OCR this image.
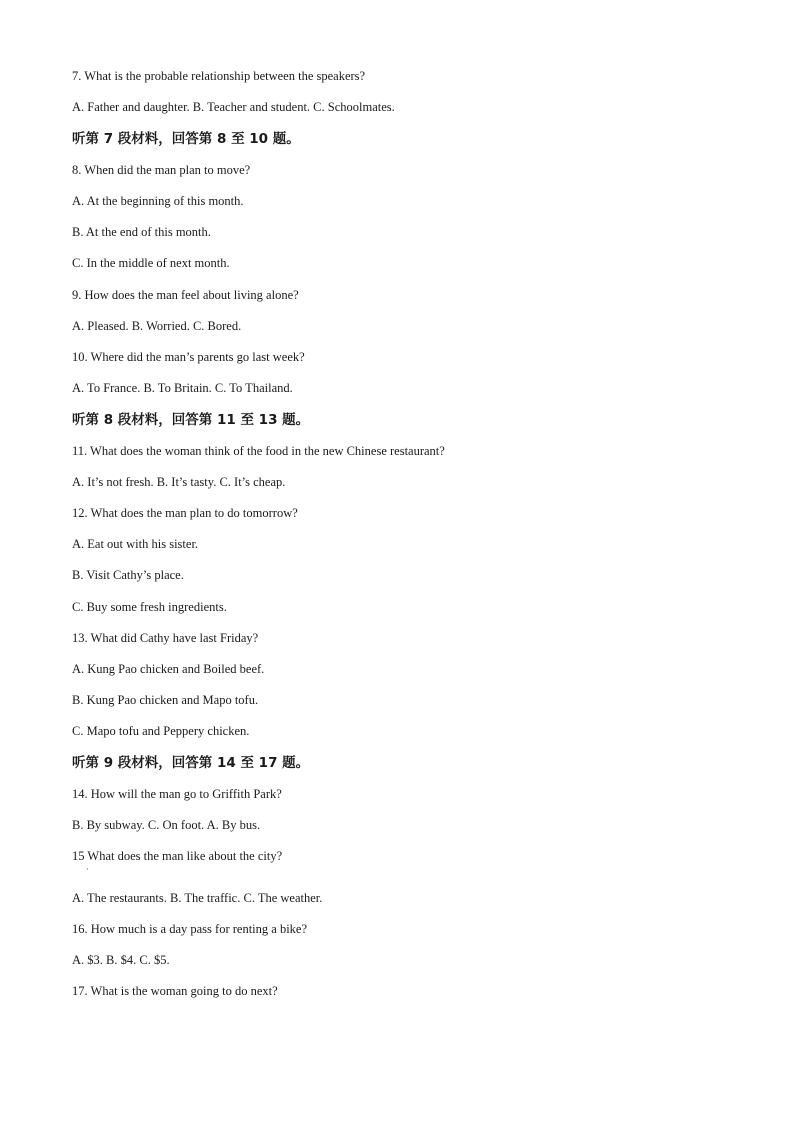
7. What is the probable relationship between the speakers?
A. Father and daughter. B. Teacher and student. C. Schoolmates.
听第 7 段材料，回答第 8 至 10 题。
8. When did the man plan to move?
A. At the beginning of this month.
B. At the end of this month.
C. In the middle of next month.
9. How does the man feel about living alone?
A. Pleased. B. Worried. C. Bored.
10. Where did the man’s parents go last week?
A. To France. B. To Britain. C. To Thailand.
听第 8 段材料，回答第 11 至 13 题。
11. What does the woman think of the food in the new Chinese restaurant?
A. It’s not fresh. B. It’s tasty. C. It’s cheap.
12. What does the man plan to do tomorrow?
A. Eat out with his sister.
B. Visit Cathy’s place.
C. Buy some fresh ingredients.
13. What did Cathy have last Friday?
A. Kung Pao chicken and Boiled beef.
B. Kung Pao chicken and Mapo tofu.
C. Mapo tofu and Peppery chicken.
听第 9 段材料，回答第 14 至 17 题。
14. How will the man go to Griffith Park?
B. By subway. C. On foot. A. By bus.
15 What does the man like about the city?
·
A. The restaurants. B. The traffic. C. The weather.
16. How much is a day pass for renting a bike?
A. $3. B. $4. C. $5.
17. What is the woman going to do next?
